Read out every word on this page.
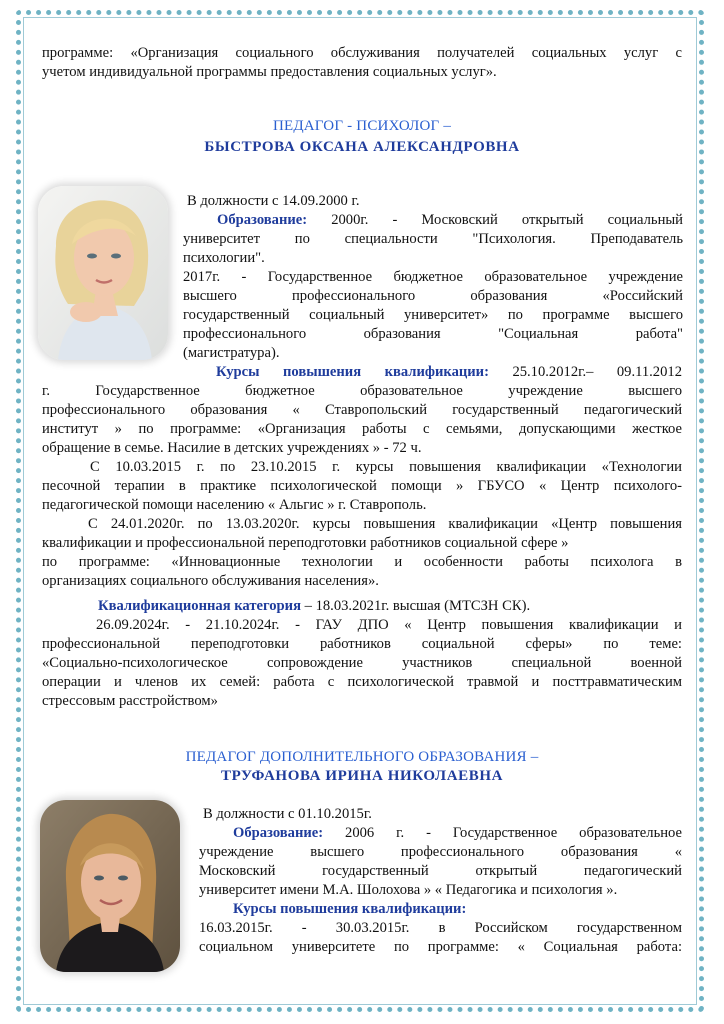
программе: «Организация социального обслуживания получателей социальных услуг с
учетом индивидуальной программы предоставления социальных услуг».
ПЕДАГОГ - ПСИХОЛОГ –
БЫСТРОВА ОКСАНА АЛЕКСАНДРОВНА
В должности с 14.09.2000 г.
Образование: 2000г. - Московский открытый социальный
университет по специальности "Психология. Преподаватель
психологии".
2017г. - Государственное бюджетное образовательное учреждение
высшего профессионального образования «Российский
государственный социальный университет» по программе высшего
профессионального образования "Социальная работа"
(магистратура).
Курсы повышения квалификации: 25.10.2012г.– 09.11.2012
г. Государственное бюджетное образовательное учреждение высшего
профессионального образования « Ставропольский государственный педагогический
институт » по программе: «Организация работы с семьями, допускающими жесткое
обращение в семье. Насилие в детских учреждениях » - 72 ч.
С 10.03.2015 г. по 23.10.2015 г. курсы повышения квалификации «Технологии
песочной терапии в практике психологической помощи » ГБУСО « Центр психолого-
педагогической помощи населению « Альгис » г. Ставрополь.
С 24.01.2020г. по 13.03.2020г. курсы повышения квалификации «Центр повышения
квалификации и профессиональной переподготовки работников социальной сфере »
по программе: «Инновационные технологии и особенности работы психолога в
организациях социального обслуживания населения».
Квалификационная категория – 18.03.2021г. высшая (МТСЗН СК).
26.09.2024г. - 21.10.2024г. - ГАУ ДПО « Центр повышения квалификации и
профессиональной переподготовки работников социальной сферы» по теме:
«Социально-психологическое сопровождение участников специальной военной
операции и членов их семей: работа с психологической травмой и посттравматическим
стрессовым расстройством»
ПЕДАГОГ ДОПОЛНИТЕЛЬНОГО ОБРАЗОВАНИЯ –
ТРУФАНОВА ИРИНА НИКОЛАЕВНА
В должности с 01.10.2015г.
Образование: 2006 г. - Государственное образовательное
учреждение высшего профессионального образования «
Московский государственный открытый педагогический
университет имени М.А. Шолохова » « Педагогика и психология ».
Курсы повышения квалификации:
16.03.2015г. - 30.03.2015г. в Российском государственном
социальном университете по программе: « Социальная работа:
